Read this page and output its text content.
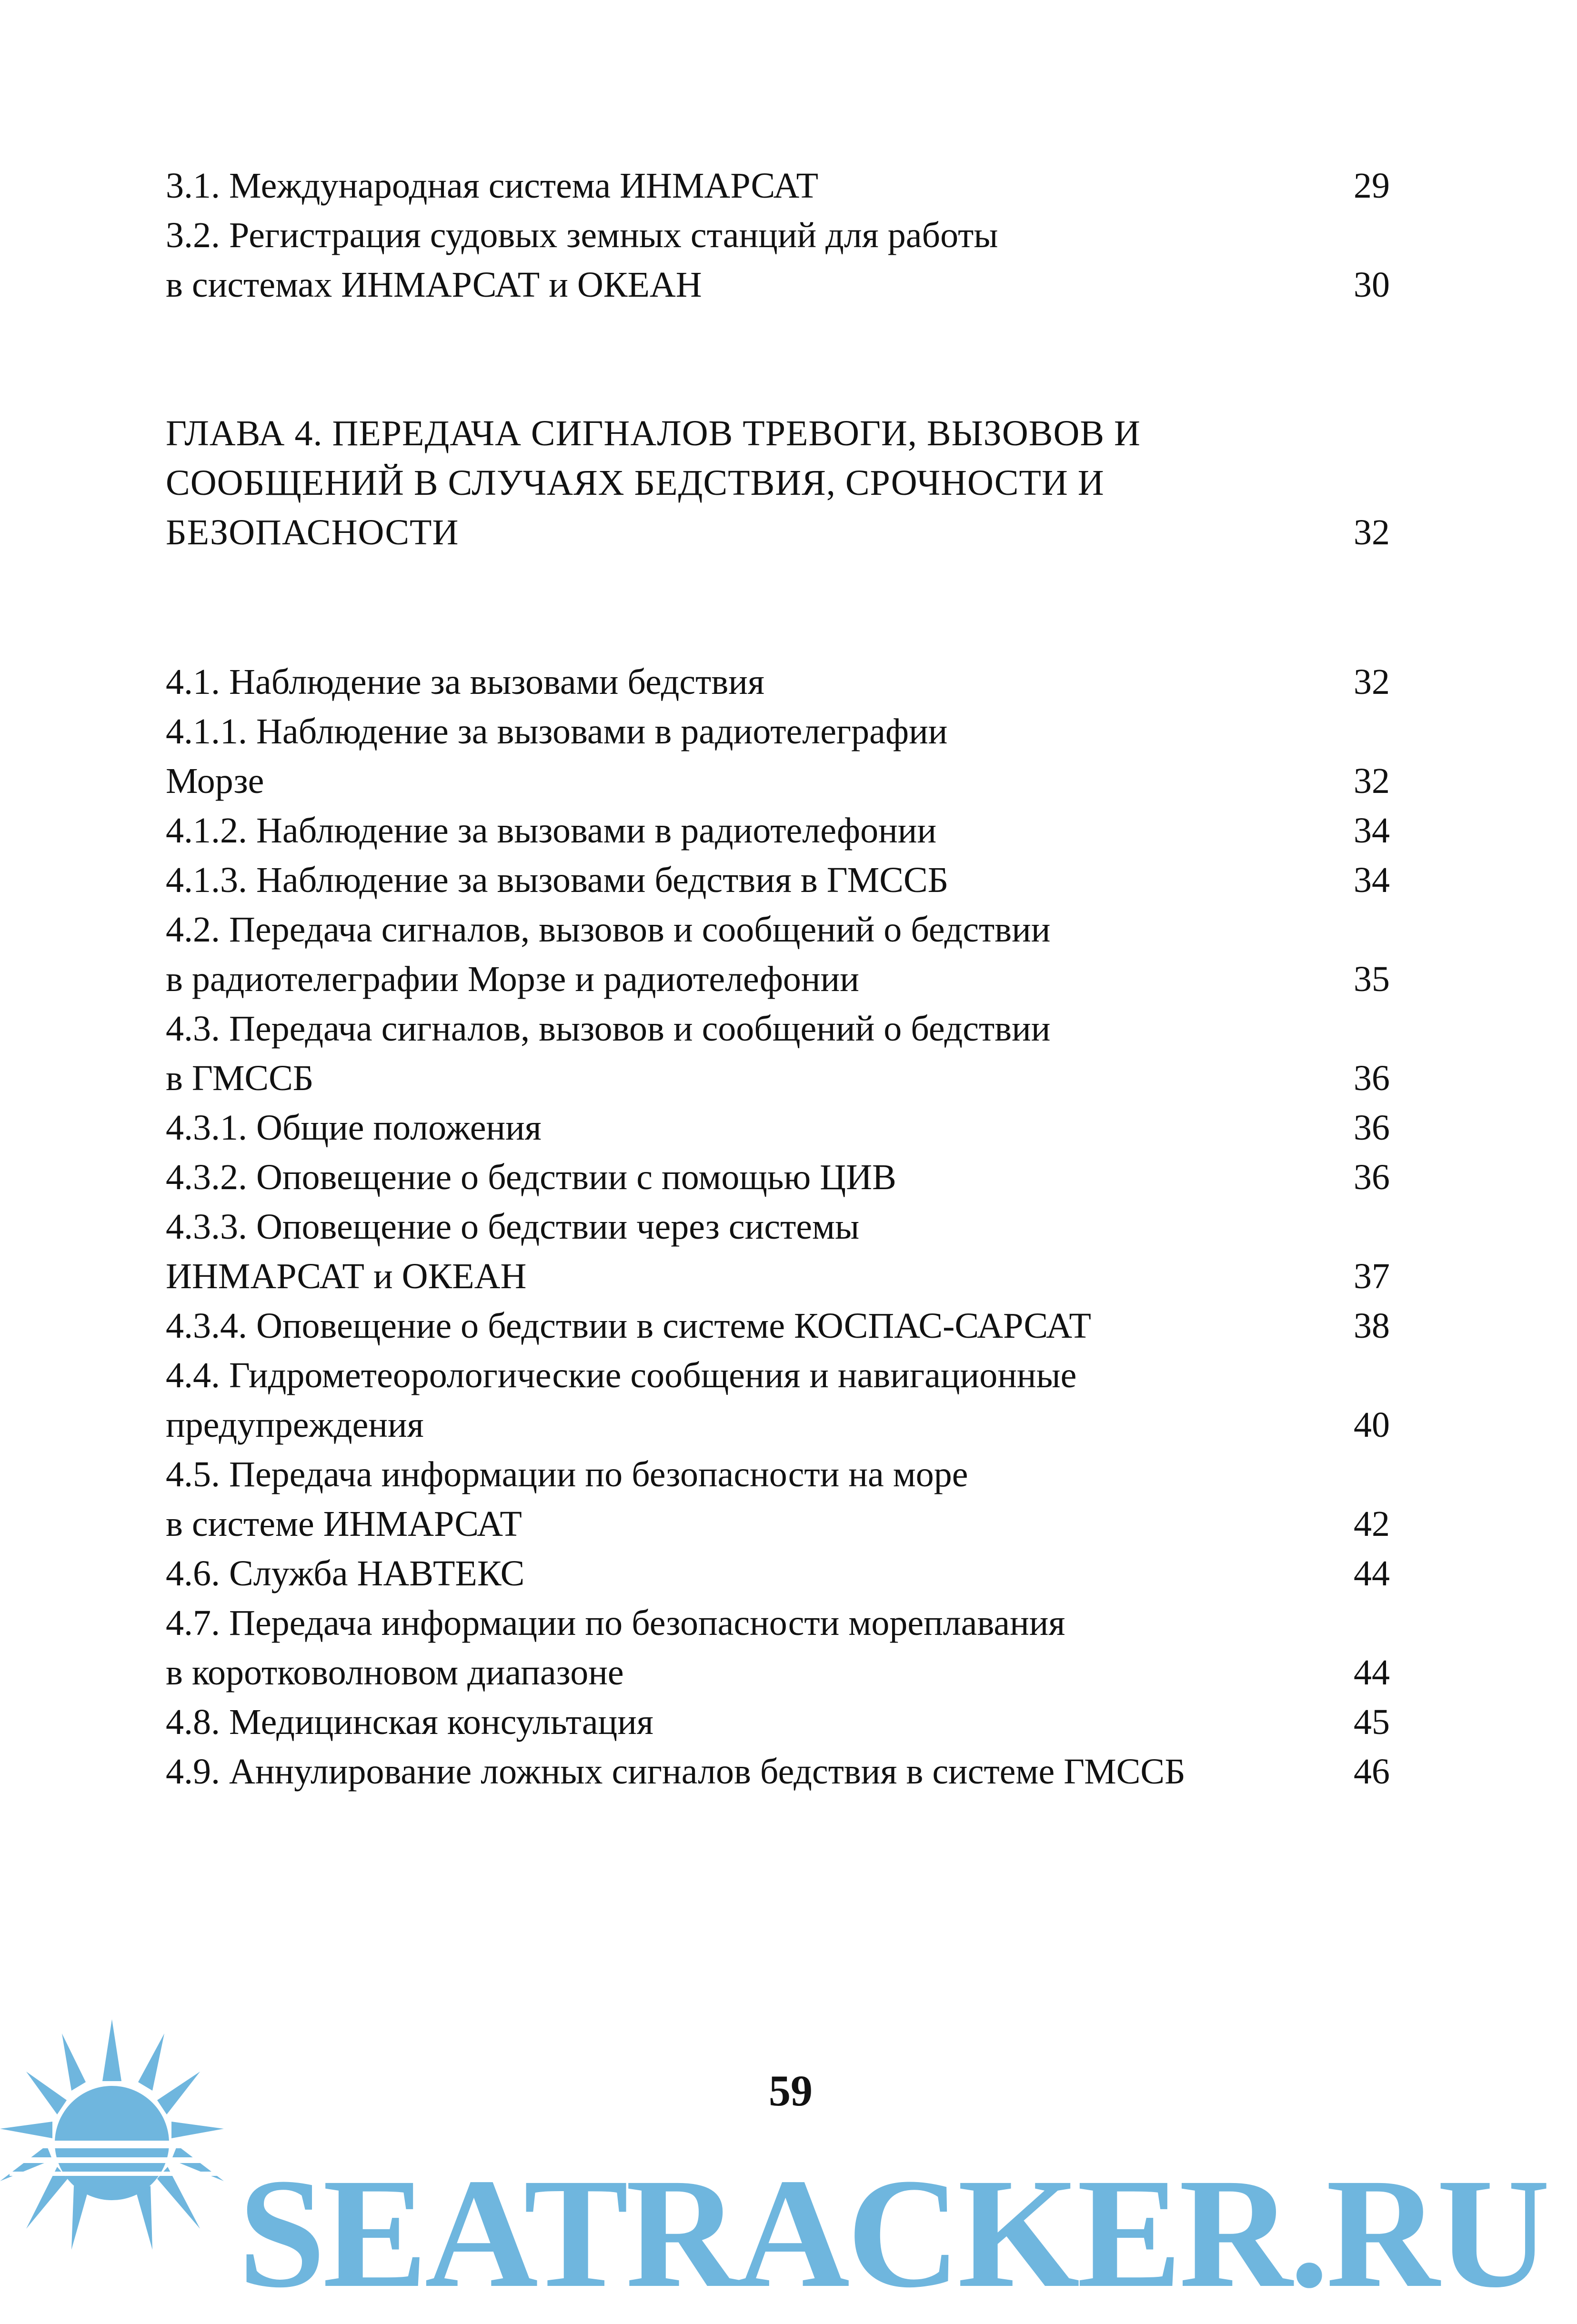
3.1. Международная система ИНМАРСАТ	29
3.2. Регистрация судовых земных станций для работы
в системах ИНМАРСАТ и ОКЕАН	30
ГЛАВА 4. ПЕРЕДАЧА СИГНАЛОВ ТРЕВОГИ, ВЫЗОВОВ И
СООБЩЕНИЙ В СЛУЧАЯХ БЕДСТВИЯ, СРОЧНОСТИ И
БЕЗОПАСНОСТИ	32
4.1. Наблюдение за вызовами бедствия	32
4.1.1. Наблюдение за вызовами в радиотелеграфии
Морзе	32
4.1.2. Наблюдение за вызовами в радиотелефонии	34
4.1.3. Наблюдение за вызовами бедствия в ГМССБ	34
4.2. Передача сигналов, вызовов и сообщений о бедствии
в радиотелеграфии Морзе и радиотелефонии	35
4.3. Передача сигналов, вызовов и сообщений о бедствии
в ГМССБ	36
4.3.1. Общие положения	36
4.3.2. Оповещение о бедствии с помощью ЦИВ	36
4.3.3. Оповещение о бедствии через системы
ИНМАРСАТ и ОКЕАН	37
4.3.4. Оповещение о бедствии в системе КОСПАС-САРСАТ	38
4.4. Гидрометеорологические сообщения и навигационные
предупреждения	40
4.5. Передача информации по безопасности на море
в системе ИНМАРСАТ	42
4.6. Служба НАВТЕКС	44
4.7. Передача информации по безопасности мореплавания
в коротковолновом диапазоне	44
4.8. Медицинская консультация	45
4.9. Аннулирование ложных сигналов бедствия в системе ГМССБ	46
SEATRACKER.RU
59
